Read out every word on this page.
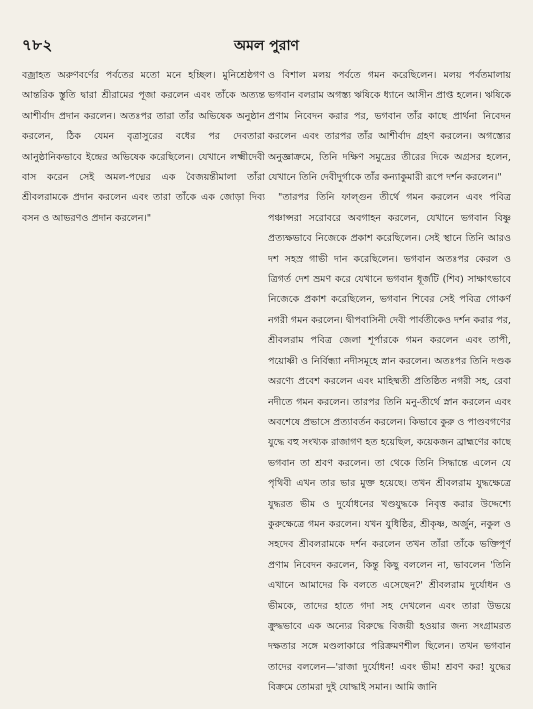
৭৮২	অমল পুরাণ

বজ্রাহত অরুণবর্ণের পর্বতের মতো মনে হচ্ছিল। মুনিশ্রেষ্ঠগণ আন্তরিক স্তুতি দ্বারা শ্রীরামের পূজা করলেন এবং তাঁকে অত্যন্ত আশীর্বাদ প্রদান করলেন। অতঃপর তারা তাঁর অভিষেক অনুষ্ঠান করলেন, ঠিক যেমন বৃত্রাসুরের বধের পর দেবতারা আনুষ্ঠানিকভাবে ইন্দ্রের অভিষেক করেছিলেন। যেখানে লক্ষ্মীদেবী বাস করেন সেই অমল-পদ্মের এক বৈজয়ন্তীমালা তাঁরা শ্রীবলরামকে প্রদান করলেন এবং তারা তাঁকে এক জোড়া দিব্য বসন ও আভরণও প্রদান করলেন।"

ও বিশাল মলয় পর্বতে গমন করেছিলেন। মলয় পর্বতমালায় ভগবান বলরাম অগস্ত্য ঋষিকে ধ্যানে আসীন প্রাপ্ত হলেন। ঋষিকে প্রণাম নিবেদন করার পর, ভগবান তাঁর কাছে প্রার্থনা নিবেদন করলেন এবং তারপর তাঁর আশীর্বাদ গ্রহণ করলেন। অগস্ত্যের অনুজ্ঞাক্রমে, তিনি দক্ষিণ সমুদ্রের তীরের দিকে অগ্রসর হলেন, যেখানে তিনি দেবীদুর্গাকে তাঁর কন্যাকুমারী রূপে দর্শন করলেন।"

"তারপর তিনি ফাল্গুন তীর্থে গমন করলেন এবং পবিত্র পঞ্চাপ্সরা সরোবরে অবগাহন করলেন, যেখানে ভগবান বিষ্ণু প্রত্যক্ষভাবে নিজেকে প্রকাশ করেছিলেন। সেই স্থানে তিনি আরও দশ সহস্র গাভী দান করেছিলেন। ভগবান অতঃপর কেরল ও ত্রিগর্ত দেশ ভ্রমণ করে যেখানে ভগবান ধূর্জটি (শিব) সাক্ষাৎভাবে নিজেকে প্রকাশ করেছিলেন, ভগবান শিবের সেই পবিত্র গোকর্ণ নগরী গমন করলেন। দ্বীপবাসিনী দেবী পার্বতীকেও দর্শন করার পর, শ্রীবলরাম পবিত্র জেলা শূর্পারকে গমন করলেন এবং তাপী, পয়োষ্ণী ও নির্বিন্ধ্যা নদীসমূহে স্নান করলেন। অতঃপর তিনি দণ্ডক অরণ্যে প্রবেশ করলেন এবং মাহিষ্মতী প্রতিষ্ঠিত নগরী সহ, রেবা নদীতে গমন করলেন। তারপর তিনি মনু-তীর্থে স্নান করলেন এবং অবশেষে প্রভাসে প্রত্যাবর্তন করলেন। কিভাবে কুরু ও পাণ্ডবগণের যুদ্ধে বহু সংখ্যক রাজাগণ হত হয়েছিল, কয়েকজন ব্রাহ্মণের কাছে ভগবান তা শ্রবণ করলেন। তা থেকে তিনি সিদ্ধান্তে এলেন যে পৃথিবী এখন তার ভার মুক্ত হয়েছে। তখন শ্রীবলরাম যুদ্ধক্ষেত্রে যুদ্ধরত ভীম ও দুর্যোধনের খণ্ডযুদ্ধকে নিবৃত্ত করার উদ্দেশ্যে কুরুক্ষেত্রে গমন করলেন। যখন যুধিষ্ঠির, শ্রীকৃষ্ণ, অর্জুন, নকুল ও সহদেব শ্রীবলরামকে দর্শন করলেন তখন তাঁরা তাঁকে ভক্তিপূর্ণ প্রণাম নিবেদন করলেন, কিন্তু কিছু বললেন না, ভাবলেন 'তিনি এখানে আমাদের কি বলতে এসেছেন?' শ্রীবলরাম দুর্যোধন ও ভীমকে, তাদের হাতে গদা সহ দেখলেন এবং তারা উভয়ে ক্রুদ্ধভাবে এক অন্যের বিরুদ্ধে বিজয়ী হওয়ার জন্য সংগ্রামরত দক্ষতার সঙ্গে মণ্ডলাকারে পরিক্রমণশীল ছিলেন। তখন ভগবান তাদের বললেন—'রাজা দুর্যোধন! এবং ভীম! শ্রবণ কর! যুদ্ধের বিক্রমে তোমরা দুই যোদ্ধাই সমান। আমি জানি
